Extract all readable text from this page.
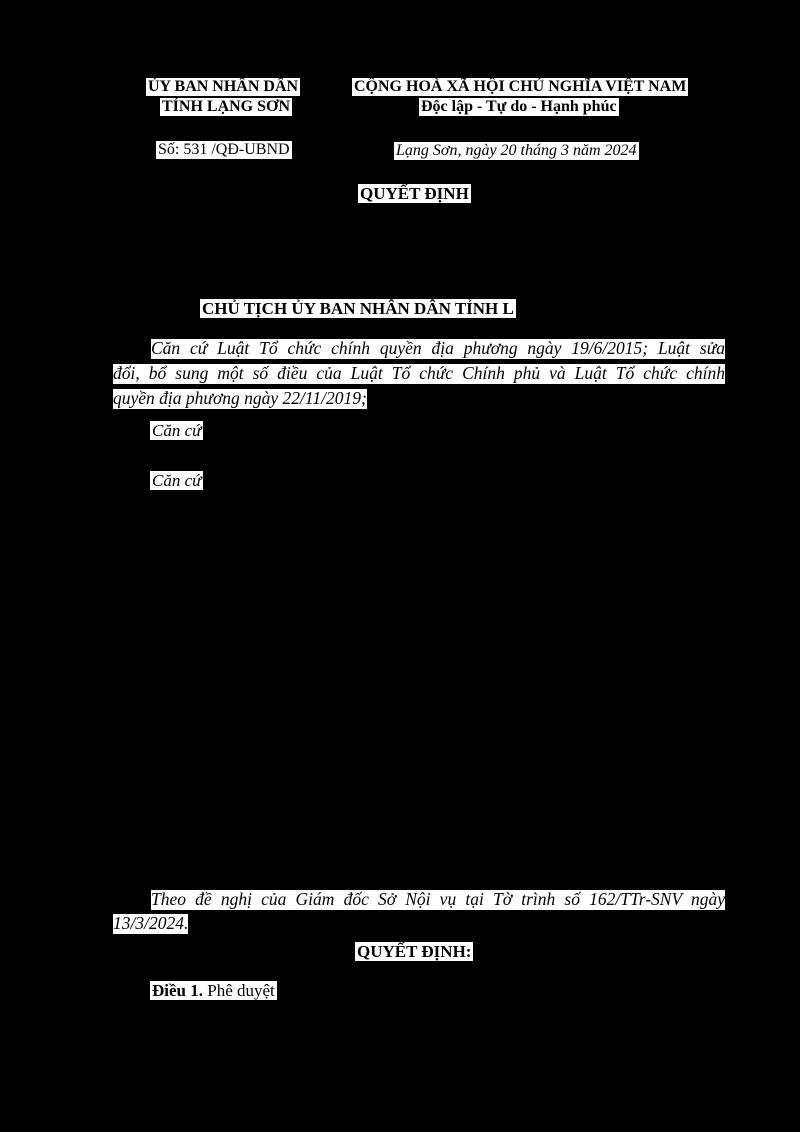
ỦY BAN NHÂN DÂN
TỈNH LẠNG SƠN
Số: 531 /QĐ-UBND
CỘNG HOÀ XÃ HỘI CHỦ NGHĨA VIỆT NAM
Độc lập - Tự do - Hạnh phúc
Lạng Sơn, ngày 20 tháng 3 năm 2024
QUYẾT ĐỊNH
CHỦ TỊCH ỦY BAN NHÂN DÂN TỈNH L
Căn cứ Luật Tổ chức chính quyền địa phương ngày 19/6/2015; Luật sửa
đổi, bổ sung một số điều của Luật Tổ chức Chính phủ và Luật Tổ chức chính
quyền địa phương ngày 22/11/2019;
Căn cứ
Căn cứ
Theo đề nghị của Giám đốc Sở Nội vụ tại Tờ trình số 162/TTr-SNV ngày
13/3/2024.
QUYẾT ĐỊNH:
Điều 1. Phê duyệt
